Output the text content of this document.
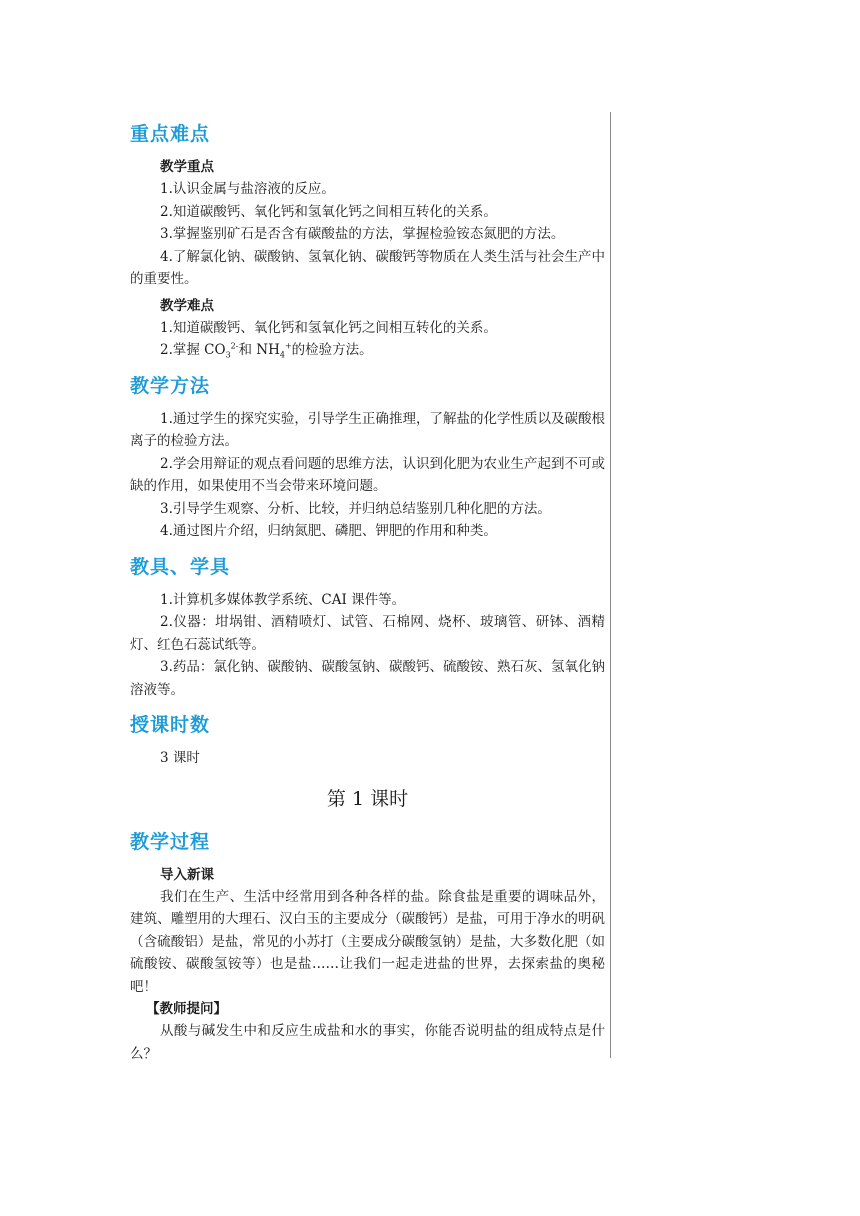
重点难点
教学重点

1.认识金属与盐溶液的反应。

2.知道碳酸钙、氧化钙和氢氧化钙之间相互转化的关系。

3.掌握鉴别矿石是否含有碳酸盐的方法，掌握检验铵态氮肥的方法。

4.了解氯化钠、碳酸钠、氢氧化钠、碳酸钙等物质在人类生活与社会生产中的重要性。

教学难点

1.知道碳酸钙、氧化钙和氢氧化钙之间相互转化的关系。

2.掌握 $CO_3^{2-}$和 $NH_4^+$的检验方法。

教学方法

1.通过学生的探究实验，引导学生正确推理，了解盐的化学性质以及碳酸根离子的检验方法。

2.学会用辩证的观点看问题的思维方法，认识到化肥为农业生产起到不可或缺的作用，如果使用不当会带来环境问题。

3.引导学生观察、分析、比较，并归纳总结鉴别几种化肥的方法。

4.通过图片介绍，归纳氮肥、磷肥、钾肥的作用和种类。

教具、学具

1.计算机多媒体教学系统、CAI 课件等。

2.仪器：坩埚钳、酒精喷灯、试管、石棉网、烧杯、玻璃管、研钵、酒精灯、红色石蕊试纸等。

3.药品：氯化钠、碳酸钠、碳酸氢钠、碳酸钙、硫酸铵、熟石灰、氢氧化钠溶液等。

授课时数

3 课时

第 1 课时
教学过程
导入新课

我们在生产、生活中经常用到各种各样的盐。除食盐是重要的调味品外，建筑、雕塑用的大理石、汉白玉的主要成分（碳酸钙）是盐，可用于净水的明矾（含硫酸铝）是盐，常见的小苏打（主要成分碳酸氢钠）是盐，大多数化肥（如硫酸铵、碳酸氢铵等）也是盐……让我们一起走进盐的世界，去探索盐的奥秘吧！

【教师提问】

从酸与碱发生中和反应生成盐和水的事实，你能否说明盐的组成特点是什么？
